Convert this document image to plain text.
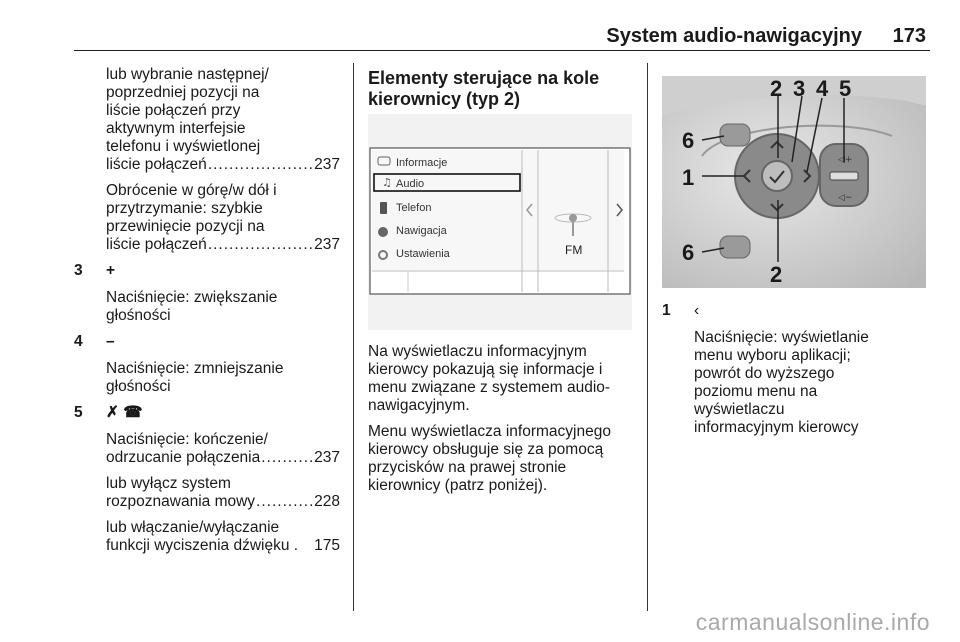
System audio-nawigacyjny 173

lub wybranie następnej/
poprzedniej pozycji na
liście połączeń przy
aktywnym interfejsie
telefonu i wyświetlonej
liście połączeń .....	237

Obrócenie w górę/w dół i
przytrzymanie: szybkie
przewinięcie pozycji na
liście połączeń .....	237

3 +

Naciśnięcie: zwiększanie
głośności

4 –

Naciśnięcie: zmniejszanie
głośności

5 ✗ ☎

Naciśnięcie: kończenie/
odrzucanie połączenia .....	237

lub wyłącz system
rozpoznawania mowy .....	228

lub włączanie/wyłączanie
funkcji wyciszenia dźwięku . 175

Elementy sterujące na kole
kierownicy (typ 2)
♫
Informacje
Audio
Telefon
Nawigacja
Ustawienia	FM

Na wyświetlaczu informacyjnym
kierowcy pokazują się informacje i
menu związane z systemem audio-
nawigacyjnym.

Menu wyświetlacza informacyjnego
kierowcy obsługuje się za pomocą
przycisków na prawej stronie
kierownicy (patrz poniżej).

◁+
◁−
2 3 4 5
6
1
6
2
1 ‹

Naciśnięcie: wyświetlanie
menu wyboru aplikacji;
powrót do wyższego
poziomu menu na
wyświetlaczu
informacyjnym kierowcy

carmanualsonline.info
